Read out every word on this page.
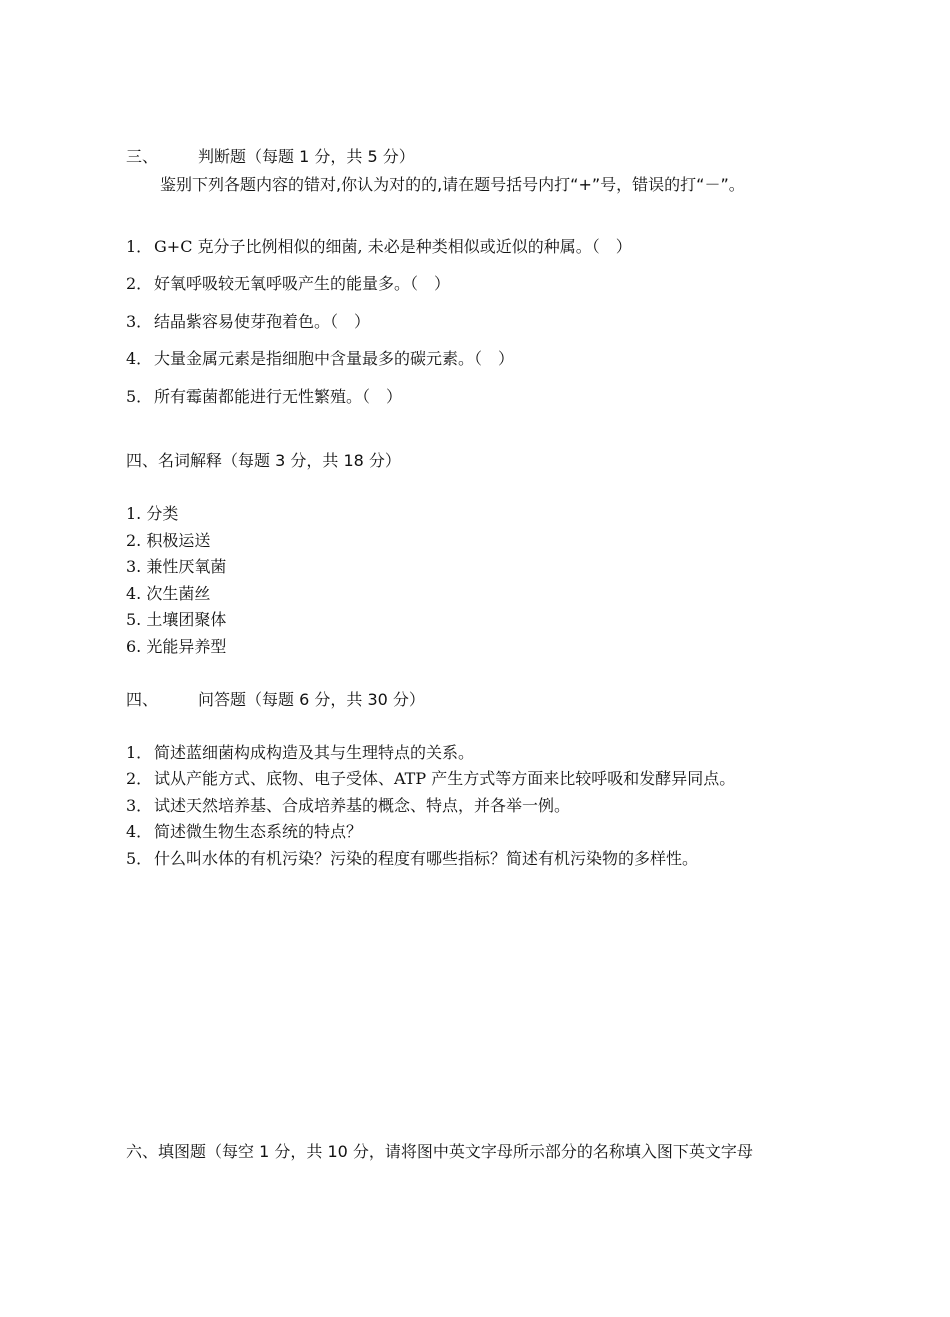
三、 判断题（每题 1 分，共 5 分）
鉴别下列各题内容的错对,你认为对的的,请在题号括号内打“+”号，错误的打“－”。
1． G+C 克分子比例相似的细菌, 未必是种类相似或近似的种属。（　）
2． 好氧呼吸较无氧呼吸产生的能量多。（　）
3． 结晶紫容易使芽孢着色。（　）
4． 大量金属元素是指细胞中含量最多的碳元素。（　）
5． 所有霉菌都能进行无性繁殖。（　）
四、名词解释（每题 3 分，共 18 分）
1. 分类
2. 积极运送
3. 兼性厌氧菌
4. 次生菌丝
5. 土壤团聚体
6. 光能异养型
四、 问答题（每题 6 分，共 30 分）
1． 简述蓝细菌构成构造及其与生理特点的关系。
2． 试从产能方式、底物、电子受体、ATP 产生方式等方面来比较呼吸和发酵异同点。
3． 试述天然培养基、合成培养基的概念、特点，并各举一例。
4． 简述微生物生态系统的特点？
5． 什么叫水体的有机污染？污染的程度有哪些指标？简述有机污染物的多样性。
六、填图题（每空 1 分，共 10 分，请将图中英文字母所示部分的名称填入图下英文字母
